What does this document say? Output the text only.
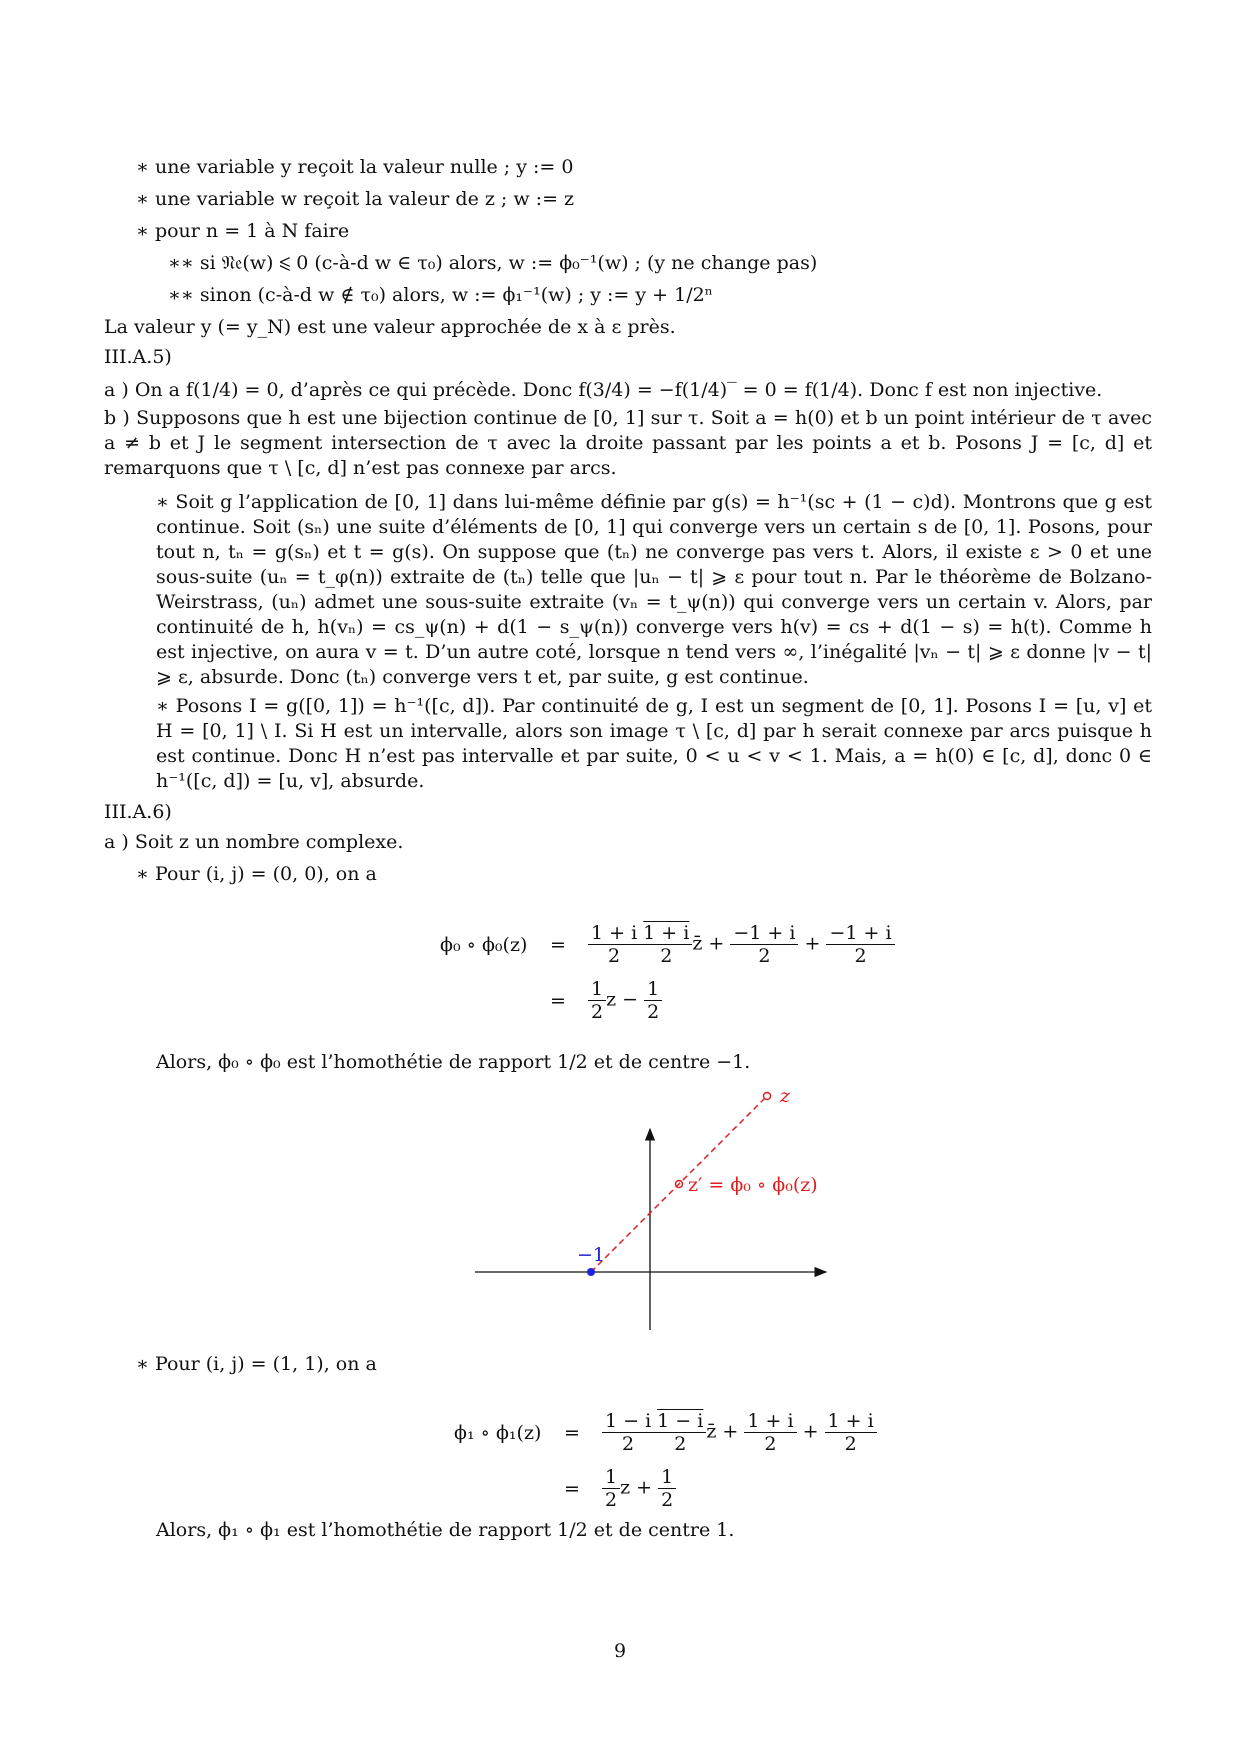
∗ une variable y reçoit la valeur nulle ; y := 0
∗ une variable w reçoit la valeur de z ; w := z
∗ pour n = 1 à N faire
∗∗ si 𝔑𝔢(w) ⩽ 0 (c-à-d w ∈ τ₀) alors, w := ϕ₀⁻¹(w) ; (y ne change pas)
∗∗ sinon (c-à-d w ∉ τ₀) alors, w := ϕ₁⁻¹(w) ; y := y + 1/2ⁿ
La valeur y (= y_N) est une valeur approchée de x à ε près.
III.A.5)
a ) On a f(1/4) = 0, d’après ce qui précède. Donc f(3/4) = −f(1/4)‾ = 0 = f(1/4). Donc f est non injective.
b ) Supposons que h est une bijection continue de [0, 1] sur τ. Soit a = h(0) et b un point intérieur de τ avec a ≠ b et J le segment intersection de τ avec la droite passant par les points a et b. Posons J = [c, d] et remarquons que τ \ [c, d] n’est pas connexe par arcs.
∗ Soit g l’application de [0, 1] dans lui-même définie par g(s) = h⁻¹(sc + (1 − c)d). Montrons que g est continue. Soit (sₙ) une suite d’éléments de [0, 1] qui converge vers un certain s de [0, 1]. Posons, pour tout n, tₙ = g(sₙ) et t = g(s). On suppose que (tₙ) ne converge pas vers t. Alors, il existe ε > 0 et une sous-suite (uₙ = t_φ(n)) extraite de (tₙ) telle que |uₙ − t| ⩾ ε pour tout n. Par le théorème de Bolzano-Weirstrass, (uₙ) admet une sous-suite extraite (vₙ = t_ψ(n)) qui converge vers un certain v. Alors, par continuité de h, h(vₙ) = cs_ψ(n) + d(1 − s_ψ(n)) converge vers h(v) = cs + d(1 − s) = h(t). Comme h est injective, on aura v = t. D’un autre coté, lorsque n tend vers ∞, l’inégalité |vₙ − t| ⩾ ε donne |v − t| ⩾ ε, absurde. Donc (tₙ) converge vers t et, par suite, g est continue.
∗ Posons I = g([0, 1]) = h⁻¹([c, d]). Par continuité de g, I est un segment de [0, 1]. Posons I = [u, v] et H = [0, 1] \ I. Si H est un intervalle, alors son image τ \ [c, d] par h serait connexe par arcs puisque h est continue. Donc H n’est pas intervalle et par suite, 0 < u < v < 1. Mais, a = h(0) ∈ [c, d], donc 0 ∈ h⁻¹([c, d]) = [u, v], absurde.
III.A.6)
a ) Soit z un nombre complexe.
∗ Pour (i, j) = (0, 0), on a
ϕ₀ ∘ $\phi_0(z) = \frac{1 + i}{2} \frac{1 + i}{2}$ z̄ + $\frac{-1 + i}{2} + \frac{-1 + i}{2}$
= $\frac{1}{2}$ $z - \frac{1}{2}$
Alors, ϕ₀ ∘ ϕ₀ est l’homothétie de rapport 1/2 et de centre −1.
z
z′ = ϕ₀ ∘ ϕ₀(z)
−1
∗ Pour (i, j) = (1, 1), on a
ϕ₁ ∘ $\phi_1(z) = \frac{1 - i}{2} \frac{1 - i}{2}$ z̄ + $\frac{1 + i}{2} + \frac{1 + i}{2}$
= $\frac{1}{2}$ $z + \frac{1}{2}$
Alors, ϕ₁ ∘ ϕ₁ est l’homothétie de rapport 1/2 et de centre 1.
9
